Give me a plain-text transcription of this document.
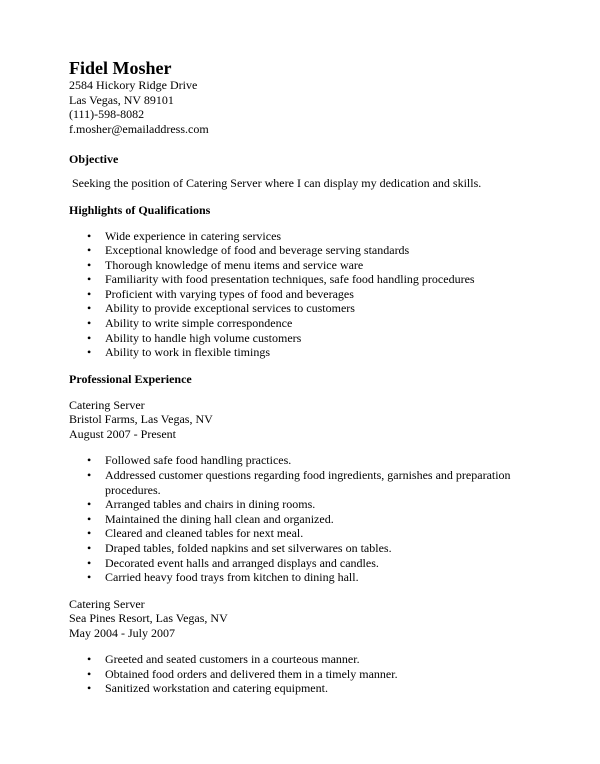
Fidel Mosher
2584 Hickory Ridge Drive
Las Vegas, NV 89101
(111)-598-8082
f.mosher@emailaddress.com
Objective
Seeking the position of Catering Server where I can display my dedication and skills.
Highlights of Qualifications
• Wide experience in catering services
• Exceptional knowledge of food and beverage serving standards
• Thorough knowledge of menu items and service ware
• Familiarity with food presentation techniques, safe food handling procedures
• Proficient with varying types of food and beverages
• Ability to provide exceptional services to customers
• Ability to write simple correspondence
• Ability to handle high volume customers
• Ability to work in flexible timings
Professional Experience
Catering Server
Bristol Farms, Las Vegas, NV
August 2007 - Present
• Followed safe food handling practices.
• Addressed customer questions regarding food ingredients, garnishes and preparation procedures.
• Arranged tables and chairs in dining rooms.
• Maintained the dining hall clean and organized.
• Cleared and cleaned tables for next meal.
• Draped tables, folded napkins and set silverwares on tables.
• Decorated event halls and arranged displays and candles.
• Carried heavy food trays from kitchen to dining hall.
Catering Server
Sea Pines Resort, Las Vegas, NV
May 2004 - July 2007
• Greeted and seated customers in a courteous manner.
• Obtained food orders and delivered them in a timely manner.
• Sanitized workstation and catering equipment.
